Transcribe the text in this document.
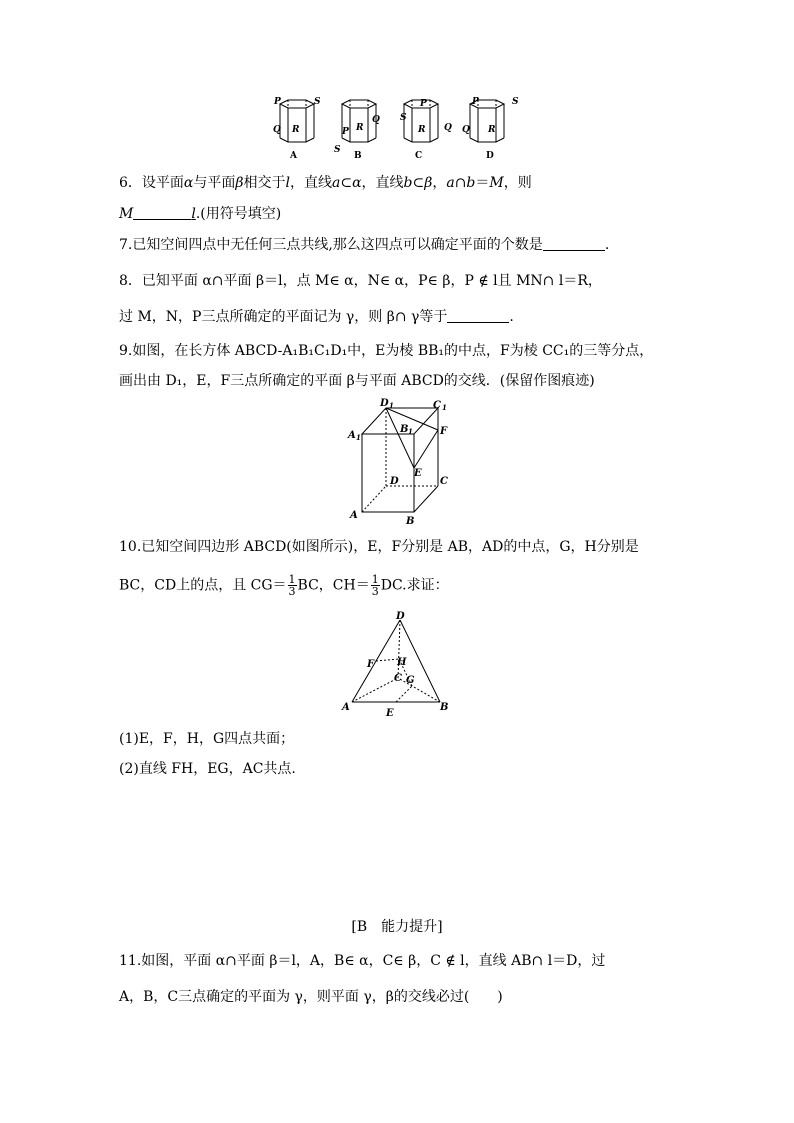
P	S
Q R
Q
P
S
R
P
S
R Q
P	S
Q R
A	B	C	D
6．设平面α与平面β相交于l，直线a⊂α，直线b⊂β，a∩b＝M，则
M	l.(用符号填空)
7.已知空间四点中无任何三点共线,那么这四点可以确定平面的个数是	.
8．已知平面 α∩平面 β＝l，点 M∈ α，N∈ α，P∈ β，P ∉ l且 MN∩ l＝R，
过 M，N，P三点所确定的平面记为 γ，则 β∩ γ等于	.
9.如图，在长方体 ABCD-A₁B₁C₁D₁中，E为棱 BB₁的中点，F为棱 CC₁的三等分点，
画出由 D₁，E，F三点所确定的平面 β与平面 ABCD的交线．(保留作图痕迹)
D 1	C 1
A 1
B 1	F
E
D	C
A
B
10.已知空间四边形 ABCD(如图所示)，E，F分别是 AB，AD的中点，G，H分别是
BC，CD上的点，且 $CG= \frac{1}{3}$ BC，$CH= \frac{1}{3}$ DC.求证：
D
F H
C G
A
E
B
(1)E，F，H，G四点共面；
(2)直线 FH，EG，AC共点.
[B　能力提升]
11.如图，平面 α∩平面 β＝l，A，B∈ α，C∈ β，C ∉ l，直线 AB∩ l＝D，过
A，B，C三点确定的平面为 γ，则平面 γ，β的交线必过(　　)
